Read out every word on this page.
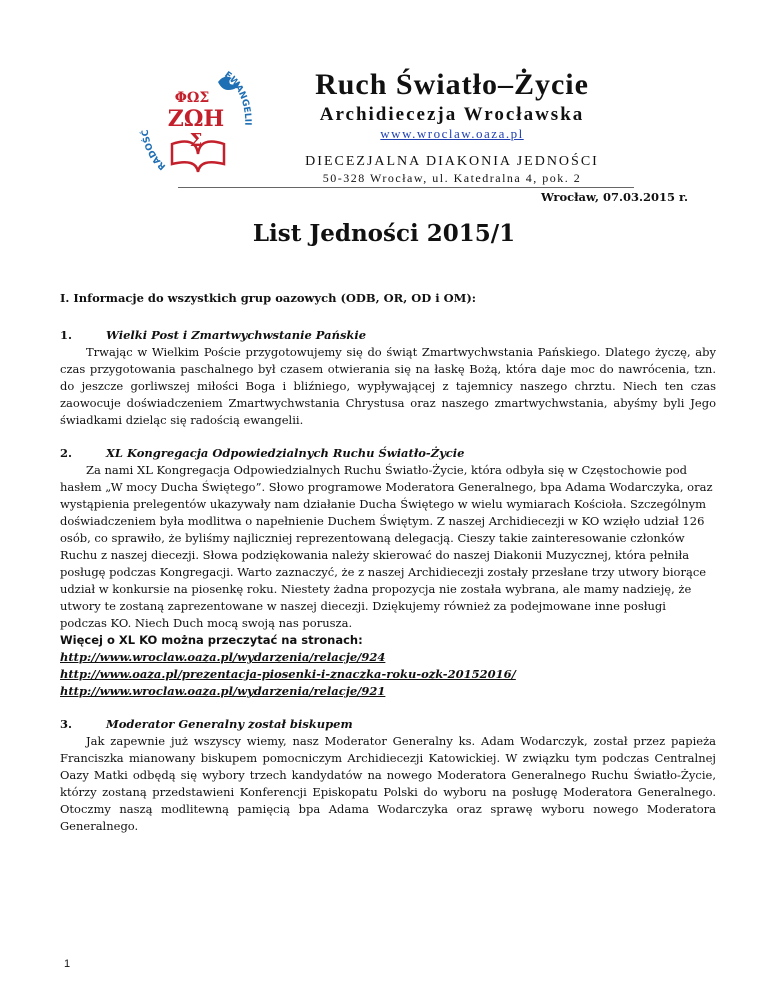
ΦΩΣ
ΖΩΗ
Σ
RADOŚĆ
EWANGELII
Ruch Światło–Życie
Archidiecezja Wrocławska
www.wroclaw.oaza.pl
DIECEZJALNA DIAKONIA JEDNOŚCI
50-328 Wrocław, ul. Katedralna 4, pok. 2
Wrocław, 07.03.2015 r.
List Jedności 2015/1

I. Informacje do wszystkich grup oazowych (ODB, OR, OD i OM):

1.	Wielki Post i Zmartwychwstanie Pańskie

Trwając w Wielkim Poście przygotowujemy się do świąt Zmartwychwstania Pańskiego. Dlatego życzę, aby czas przygotowania paschalnego był czasem otwierania się na łaskę Bożą, która daje moc do nawrócenia, tzn. do jeszcze gorliwszej miłości Boga i bliźniego, wypływającej z tajemnicy naszego chrztu. Niech ten czas zaowocuje doświadczeniem Zmartwychwstania Chrystusa oraz naszego zmartwychwstania, abyśmy byli Jego świadkami dzieląc się radością ewangelii.

2.	XL Kongregacja Odpowiedzialnych Ruchu Światło-Życie

Za nami XL Kongregacja Odpowiedzialnych Ruchu Światło-Życie, która odbyła się w Częstochowie pod hasłem „W mocy Ducha Świętego”. Słowo programowe Moderatora Generalnego, bpa Adama Wodarczyka, oraz wystąpienia prelegentów ukazywały nam działanie Ducha Świętego w wielu wymiarach Kościoła. Szczególnym doświadczeniem była modlitwa o napełnienie Duchem Świętym. Z naszej Archidiecezji w KO wzięło udział 126 osób, co sprawiło, że byliśmy najliczniej reprezentowaną delegacją. Cieszy takie zainteresowanie członków Ruchu z naszej diecezji. Słowa podziękowania należy skierować do naszej Diakonii Muzycznej, która pełniła posługę podczas Kongregacji. Warto zaznaczyć, że z naszej Archidiecezji zostały przesłane trzy utwory biorące udział w konkursie na piosenkę roku. Niestety żadna propozycja nie została wybrana, ale mamy nadzieję, że utwory te zostaną zaprezentowane w naszej diecezji. Dziękujemy również za podejmowane inne posługi podczas KO. Niech Duch mocą swoją nas porusza.

Więcej o XL KO można przeczytać na stronach:

http://www.wroclaw.oaza.pl/wydarzenia/relacje/924
http://www.oaza.pl/prezentacja-piosenki-i-znaczka-roku-ozk-20152016/
http://www.wroclaw.oaza.pl/wydarzenia/relacje/921
3.	Moderator Generalny został biskupem

Jak zapewnie już wszyscy wiemy, nasz Moderator Generalny ks. Adam Wodarczyk, został przez papieża Franciszka mianowany biskupem pomocniczym Archidiecezji Katowickiej. W związku tym podczas Centralnej Oazy Matki odbędą się wybory trzech kandydatów na nowego Moderatora Generalnego Ruchu Światło-Życie, którzy zostaną przedstawieni Konferencji Episkopatu Polski do wyboru na posługę Moderatora Generalnego. Otoczmy naszą modlitewną pamięcią bpa Adama Wodarczyka oraz sprawę wyboru nowego Moderatora Generalnego.

1
